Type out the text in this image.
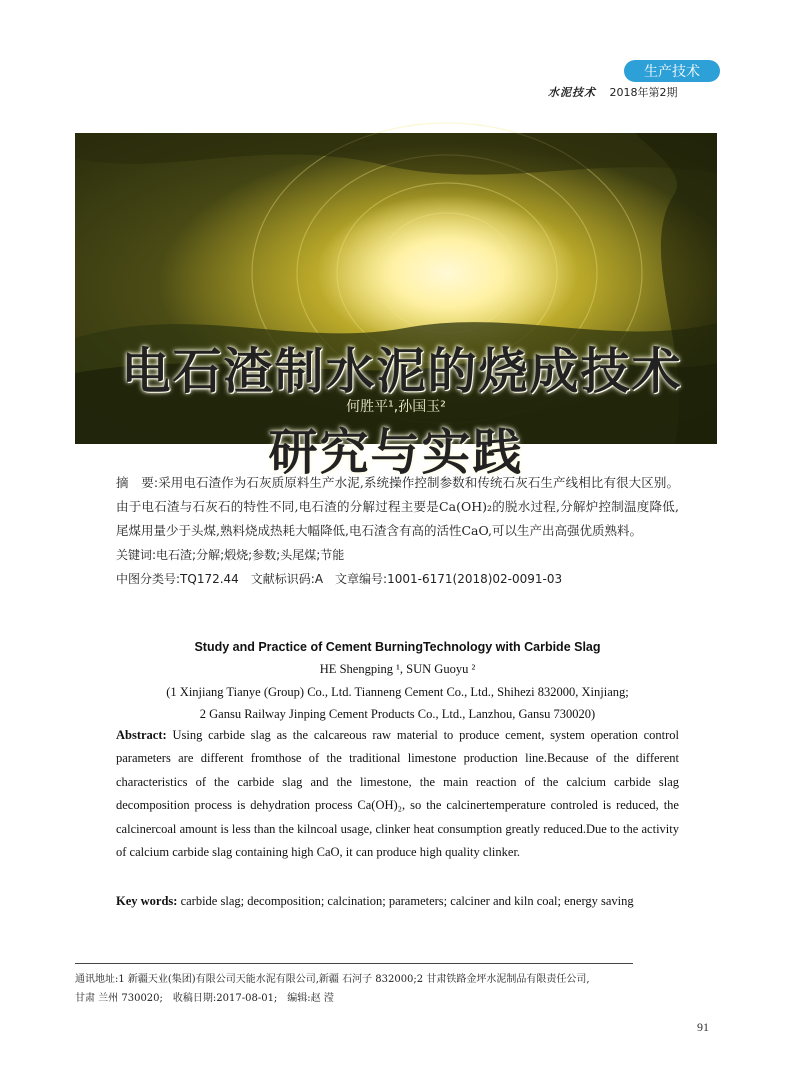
生产技术
水泥技术 2018年第2期
电石渣制水泥的烧成技术
研究与实践
何胜平¹,孙国玉²

摘　要:采用电石渣作为石灰质原料生产水泥,系统操作控制参数和传统石灰石生产线相比有很大区别。由于电石渣与石灰石的特性不同,电石渣的分解过程主要是Ca(OH)₂的脱水过程,分解炉控制温度降低,尾煤用量少于头煤,熟料烧成热耗大幅降低,电石渣含有高的活性CaO,可以生产出高强优质熟料。

关键词:电石渣;分解;煅烧;参数;头尾煤;节能

中图分类号:TQ172.44　文献标识码:A　文章编号:1001-6171(2018)02-0091-03

Study and Practice of Cement BurningTechnology with Carbide Slag
HE Shengping ¹, SUN Guoyu ²
(1 Xinjiang Tianye (Group) Co., Ltd. Tianneng Cement Co., Ltd., Shihezi 832000, Xinjiang;
2 Gansu Railway Jinping Cement Products Co., Ltd., Lanzhou, Gansu 730020)
Abstract: Using carbide slag as the calcareous raw material to produce cement, system operation control parameters are different fromthose of the traditional limestone production line.Because of the different characteristics of the carbide slag and the limestone, the main reaction of the calcium carbide slag decomposition process is dehydration process Ca(OH)₂, so the calcinertemperature controled is reduced, the calcinercoal amount is less than the kilncoal usage, clinker heat consumption greatly reduced.Due to the activity of calcium carbide slag containing high CaO, it can produce high quality clinker.
Key words: carbide slag; decomposition; calcination; parameters; calciner and kiln coal; energy saving
通讯地址:1 新疆天业(集团)有限公司天能水泥有限公司,新疆 石河子 832000;2 甘肃铁路金坪水泥制品有限责任公司,
甘肃 兰州 730020;　收稿日期:2017-08-01;　编辑:赵 滢
91
